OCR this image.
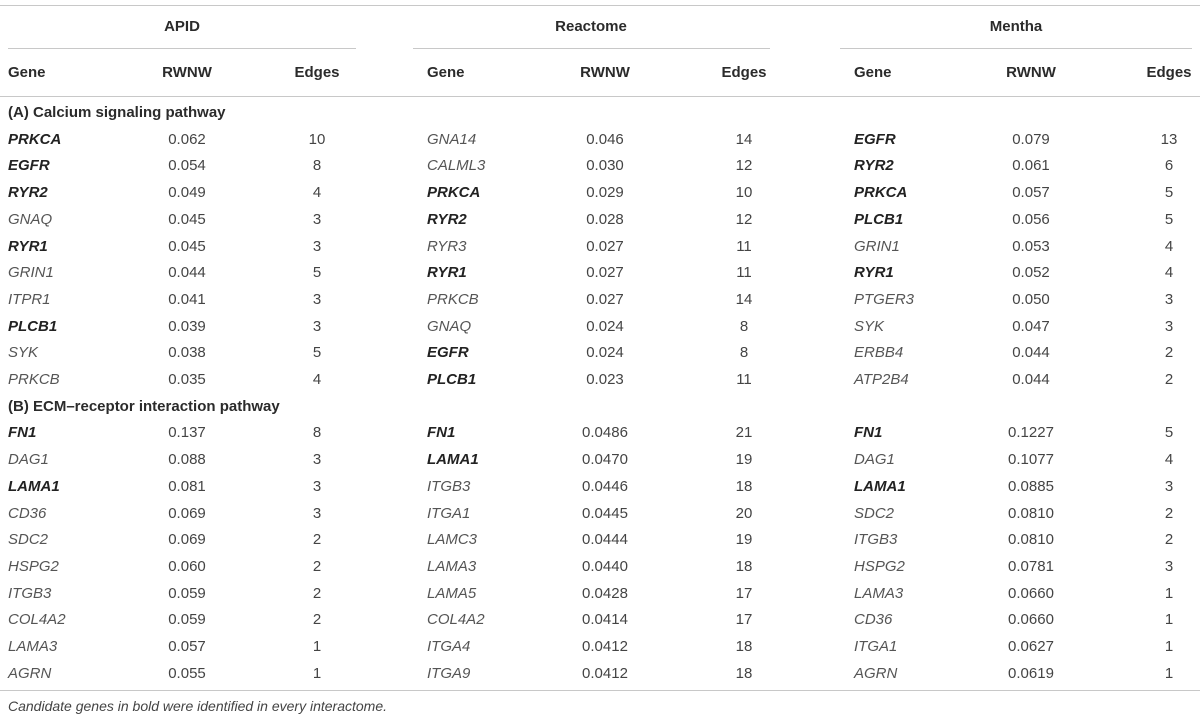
APID
Gene	RWNW	Edges
Reactome
Gene	RWNW	Edges
Mentha
Gene	RWNW	Edges
(A) Calcium signaling pathway
PRKCA	0.062	10	GNA14	0.046	14	EGFR	0.079	13
EGFR	0.054	8	CALML3	0.030	12	RYR2	0.061	6
RYR2	0.049	4	PRKCA	0.029	10	PRKCA	0.057	5
GNAQ	0.045	3	RYR2	0.028	12	PLCB1	0.056	5
RYR1	0.045	3	RYR3	0.027	11	GRIN1	0.053	4
GRIN1	0.044	5	RYR1	0.027	11	RYR1	0.052	4
ITPR1	0.041	3	PRKCB	0.027	14	PTGER3	0.050	3
PLCB1	0.039	3	GNAQ	0.024	8	SYK	0.047	3
SYK	0.038	5	EGFR	0.024	8	ERBB4	0.044	2
PRKCB	0.035	4	PLCB1	0.023	11	ATP2B4	0.044	2
(B) ECM–receptor interaction pathway
FN1	0.137	8	FN1	0.0486	21	FN1	0.1227	5
DAG1	0.088	3	LAMA1	0.0470	19	DAG1	0.1077	4
LAMA1	0.081	3	ITGB3	0.0446	18	LAMA1	0.0885	3
CD36	0.069	3	ITGA1	0.0445	20	SDC2	0.0810	2
SDC2	0.069	2	LAMC3	0.0444	19	ITGB3	0.0810	2
HSPG2	0.060	2	LAMA3	0.0440	18	HSPG2	0.0781	3
ITGB3	0.059	2	LAMA5	0.0428	17	LAMA3	0.0660	1
COL4A2	0.059	2	COL4A2	0.0414	17	CD36	0.0660	1
LAMA3	0.057	1	ITGA4	0.0412	18	ITGA1	0.0627	1
AGRN	0.055	1	ITGA9	0.0412	18	AGRN	0.0619	1
Candidate genes in bold were identified in every interactome.
